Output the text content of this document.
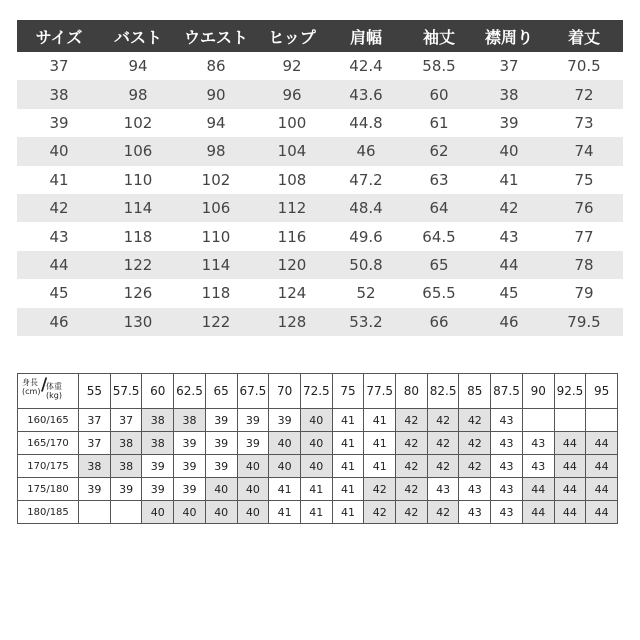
サイズ	バスト	ウエスト	ヒップ	肩幅	袖丈	襟周り	着丈
37	94	86	92	42.4	58.5	37	70.5
38	98	90	96	43.6	60	38	72
39	102	94	100	44.8	61	39	73
40	106	98	104	46	62	40	74
41	110	102	108	47.2	63	41	75
42	114	106	112	48.4	64	42	76
43	118	110	116	49.6	64.5	43	77
44	122	114	120	50.8	65	44	78
45	126	118	124	52	65.5	45	79
46	130	122	128	53.2	66	46	79.5
身長
(cm) /
体重
(kg)	55	57.5	60	62.5	65	67.5	70	72.5	75	77.5	80	82.5	85	87.5	90	92.5	95
160/165	37	37	38	38	39	39	39	40	41	41	42	42	42	43			
165/170	37	38	38	39	39	39	40	40	41	41	42	42	42	43	43	44	44
170/175	38	38	39	39	39	40	40	40	41	41	42	42	42	43	43	44	44
175/180	39	39	39	39	40	40	41	41	41	42	42	43	43	43	44	44	44
180/185			40	40	40	40	41	41	41	42	42	42	43	43	44	44	44
